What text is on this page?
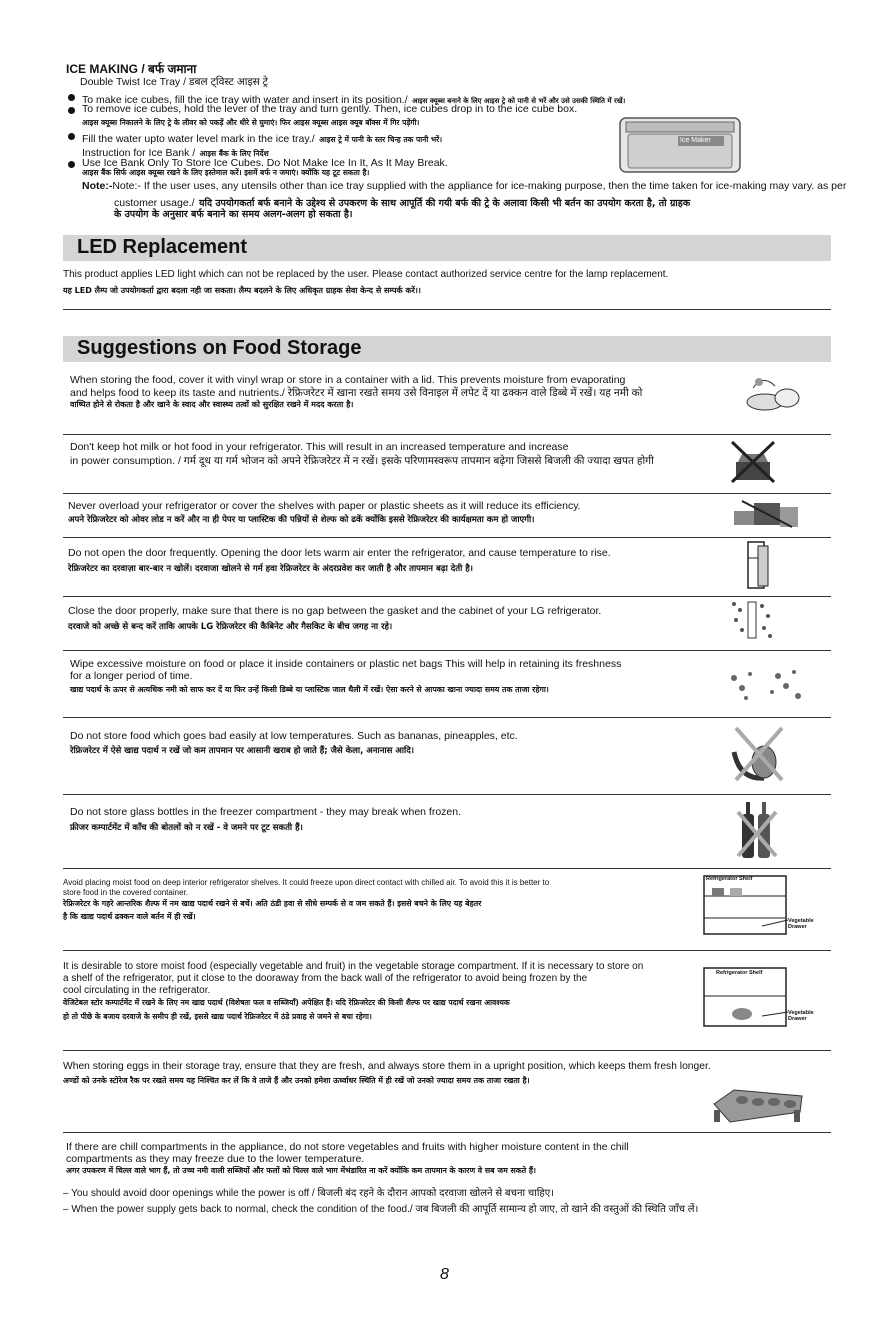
ICE MAKING / बर्फ जमाना
Double Twist Ice Tray / डबल ट्विस्ट आइस ट्रे
To make ice cubes, fill the ice tray with water and insert in its position./ आइस क्यूब्स बनाने के लिए आइस ट्रे को पानी से भरें और उसे उसकी स्थिति में रखें।
To remove ice cubes, hold the lever of the tray and turn gently. Then, ice cubes drop in to the ice cube box.
आइस क्यूब्स निकालने के लिए ट्रे के लीवर को पकड़ें और धीरे से घुमाएं। फिर आइस क्यूब्स आइस क्यूब बॉक्स में गिर पड़ेंगी।
Fill the water upto water level mark in the ice tray./ आइस ट्रे में पानी के स्तर चिन्ह तक पानी भरें।
Instruction for Ice Bank / आइस बैंक के लिए निर्देश
Use Ice Bank Only To Store Ice Cubes. Do Not Make Ice In It, As It May Break.
आइस बैंक सिर्फ आइस क्यूब्स रखने के लिए इस्तेमाल करें। इसमें बर्फ न जमाएं। क्योंकि यह टूट सकता है।
Note:-Note:- If the user uses, any utensils other than ice tray supplied with the appliance for ice-making purpose, then the time taken for ice-making may vary. as per
customer usage./ यदि उपयोगकर्ता बर्फ बनाने के उद्देश्य से उपकरण के साथ आपूर्ति की गयी बर्फ की ट्रे के अलावा किसी भी बर्तन का उपयोग करता है, तो ग्राहक
के उपयोग के अनुसार बर्फ बनाने का समय अलग-अलग हो सकता है।
Ice Maker
LED Replacement
This product applies LED light which can not be replaced by the user. Please contact authorized service centre for the lamp replacement.
यह LED लैम्प जो उपयोगकर्ता द्वारा बदला नही जा सकता। लैम्प बदलने के लिए अधिकृत ग्राहक सेवा केन्द से सम्पर्क करें।।
Suggestions on Food Storage
When storing the food, cover it with vinyl wrap or store in a container with a lid. This prevents moisture from evaporating
and helps food to keep its taste and nutrients./ रेफ्रिजरेटर में खाना रखते समय उसे विनाइल में लपेट दें या ढक्कन वाले डिब्बे में रखें। यह नमी को
वाष्पित होने से रोकता है और खाने के स्वाद और स्वास्थ्य तत्वों को सुरक्षित रखने में मदद करता है।
Don't keep hot milk or hot food in your refrigerator. This will result in an increased temperature and increase
in power consumption. / गर्म दूध या गर्म भोजन को अपने रेफ्रिजरेटर में न रखें। इसके परिणामस्वरूप तापमान बढ़ेगा जिससे बिजली की ज्यादा खपत होगी
Never overload your refrigerator or cover the shelves with paper or plastic sheets as it will reduce its efficiency.
अपने रेफ्रिजरेटर को ओवर लोड न करें और ना ही पेपर या प्लास्टिक की पन्नियों से शेल्फ को ढकें क्योंकि इससे रेफ्रिजरेटर की कार्यक्षमता कम हो जाएगी।
Do not open the door frequently. Opening the door lets warm air enter the refrigerator, and cause temperature to rise.
रेफ्रिजरेटर का दरवाज़ा बार-बार न खोलें। दरवाजा खोलने से गर्म हवा रेफ्रिजरेटर के अंदरप्रवेश कर जाती है और तापमान बढ़ा देती है।
Close the door properly, make sure that there is no gap between the gasket and the cabinet of your LG refrigerator.
दरवाजे को अच्छे से बन्द करें ताकि आपके LG रेफ्रिजरेटर की कैबिनेट और गैसकिट के बीच जगह ना रहे।
Wipe excessive moisture on food or place it inside containers or plastic net bags This will help in retaining its freshness
for a longer period of time.
खाद्य पदार्थ के ऊपर से अत्यधिक नमी को साफ कर दें या फिर उन्हें किसी डिब्बे या प्लास्टिक जाल थैली में रखें। ऐसा करने से आपका खाना ज्यादा समय तक ताजा रहेगा।
Do not store food which goes bad easily at low temperatures. Such as bananas, pineapples, etc.
रेफ्रिजरेटर में ऐसे खाद्य पदार्थ न रखें जो कम तापमान पर आसानी खराब हो जाते हैं; जैसे केला, अनानास आदि।
Do not store glass bottles in the freezer compartment - they may break when frozen.
फ्रीजर कम्पार्टमेंट में कॉंच की बोतलों को न रखें - वे जमने पर टूट सकती हैं।
Avoid placing moist food on deep interior refrigerator shelves. It could freeze upon direct contact with chilled air. To avoid this it is better to
store food in the covered container.
रेफ्रिजरेटर के गहरे आन्तरिक शैल्फ में नम खाद्य पदार्थ रखने से बचें। अति ठंडी हवा से सीधे सम्पर्क से व जम सकते हैं। इससे बचने के लिए यह बेहतर
है कि खाद्य पदार्थ ढक्कन वाले बर्तन में ही रखें।
Refrigerator Shelf
Vegetable Drawer
It is desirable to store moist food (especially vegetable and fruit) in the vegetable storage compartment. If it is necessary to store on
a shelf of the refrigerator, put it close to the dooraway from the back wall of the refrigerator to avoid being frozen by the
cool circulating in the refrigerator.
वेजिटेबल स्टोर कम्पार्टमेंट में रखने के लिए नम खाद्य पदार्थ (विशेषतः फल व सब्जियॉं) अपेक्षित हैं। यदि रेफ्रिजरेटर की किसी शैल्फ पर खाद्य पदार्थ रखना आवश्यक
हो तो पीछे के बजाय दरवाजे के समीप ही रखें, इससे खाद्य पदार्थ रेफ्रिजरेटर में ठंडे प्रवाह से जमने से बचा रहेगा।
Refrigerator Shelf
Vegetable Drawer
When storing eggs in their storage tray, ensure that they are fresh, and always store them in a upright position, which keeps them fresh longer.
अण्डों को उनके स्टोरेज रैक पर रखते समय यह निश्चित कर लें कि वे ताजे हैं और उनको हमेशा ऊर्ध्वाधर स्थिति में ही रखें जो उनको ज्यादा समय तक ताजा रखता है।
If there are chill compartments in the appliance, do not store vegetables and fruits with higher moisture content in the chill
compartments as they may freeze due to the lower temperature.
अगर उपकरण में चिल्ल वाले भाग हैं, तो उच्च नमी वाली सब्जियों और फलों को चिल्ल वाले भाग मेंभंडारित ना करें क्योंकि कम तापमान के कारण वे सब जम सकते हैं।
– You should avoid door openings while the power is off / बिजली बंद रहने के दौरान आपको दरवाजा खोलने से बचना चाहिए।
– When the power supply gets back to normal, check the condition of the food./ जब बिजली की आपूर्ति सामान्य हो जाए, तो खाने की वस्तुओं की स्थिति जॉंच लें।
8
